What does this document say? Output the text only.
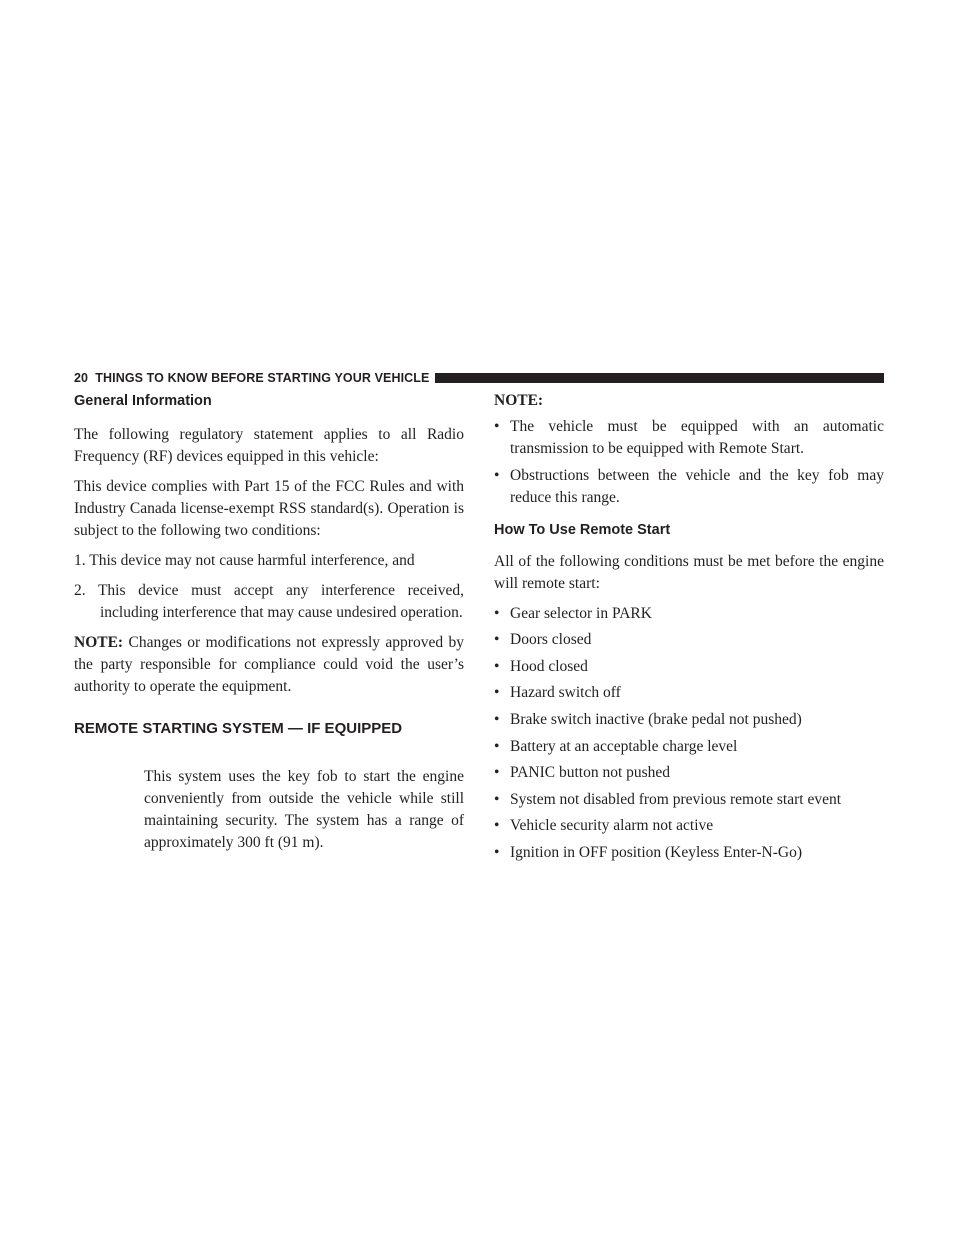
20 THINGS TO KNOW BEFORE STARTING YOUR VEHICLE
General Information

The following regulatory statement applies to all Radio Frequency (RF) devices equipped in this vehicle:

This device complies with Part 15 of the FCC Rules and with Industry Canada license-exempt RSS standard(s). Operation is subject to the following two conditions:

1. This device may not cause harmful interference, and

2. This device must accept any interference received, including interference that may cause undesired operation.

NOTE: Changes or modifications not expressly approved by the party responsible for compliance could void the user’s authority to operate the equipment.

REMOTE STARTING SYSTEM — IF EQUIPPED
This system uses the key fob to start the engine conveniently from outside the vehicle while still maintaining security. The system has a range of approximately 300 ft (91 m).
NOTE:
• The vehicle must be equipped with an automatic transmission to be equipped with Remote Start.
• Obstructions between the vehicle and the key fob may reduce this range.
How To Use Remote Start

All of the following conditions must be met before the engine will remote start:

• Gear selector in PARK
• Doors closed
• Hood closed
• Hazard switch off
• Brake switch inactive (brake pedal not pushed)
• Battery at an acceptable charge level
• PANIC button not pushed
• System not disabled from previous remote start event
• Vehicle security alarm not active
• Ignition in OFF position (Keyless Enter-N-Go)
